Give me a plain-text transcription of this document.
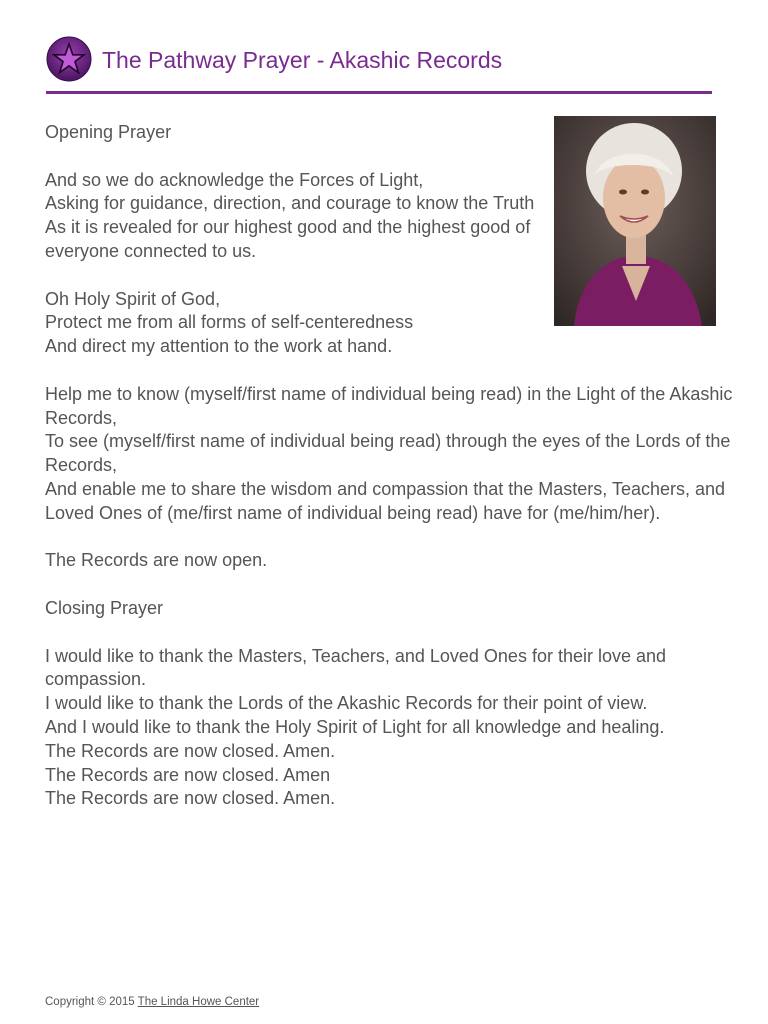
The Pathway Prayer - Akashic Records

Opening Prayer

And so we do acknowledge the Forces of Light,

Asking for guidance, direction, and courage to know the Truth

As it is revealed for our highest good and the highest good of everyone connected to us.

Oh Holy Spirit of God,

Protect me from all forms of self-centeredness

And direct my attention to the work at hand.

Help me to know (myself/first name of individual being read) in the Light of the Akashic Records,

To see (myself/first name of individual being read) through the eyes of the Lords of the Records,

And enable me to share the wisdom and compassion that the Masters, Teachers, and Loved Ones of (me/first name of individual being read) have for (me/him/her).

The Records are now open.

Closing Prayer

I would like to thank the Masters, Teachers, and Loved Ones for their love and compassion.

I would like to thank the Lords of the Akashic Records for their point of view.

And I would like to thank the Holy Spirit of Light for all knowledge and healing.

The Records are now closed. Amen.

The Records are now closed. Amen

The Records are now closed. Amen.

Copyright © 2015 The Linda Howe Center
